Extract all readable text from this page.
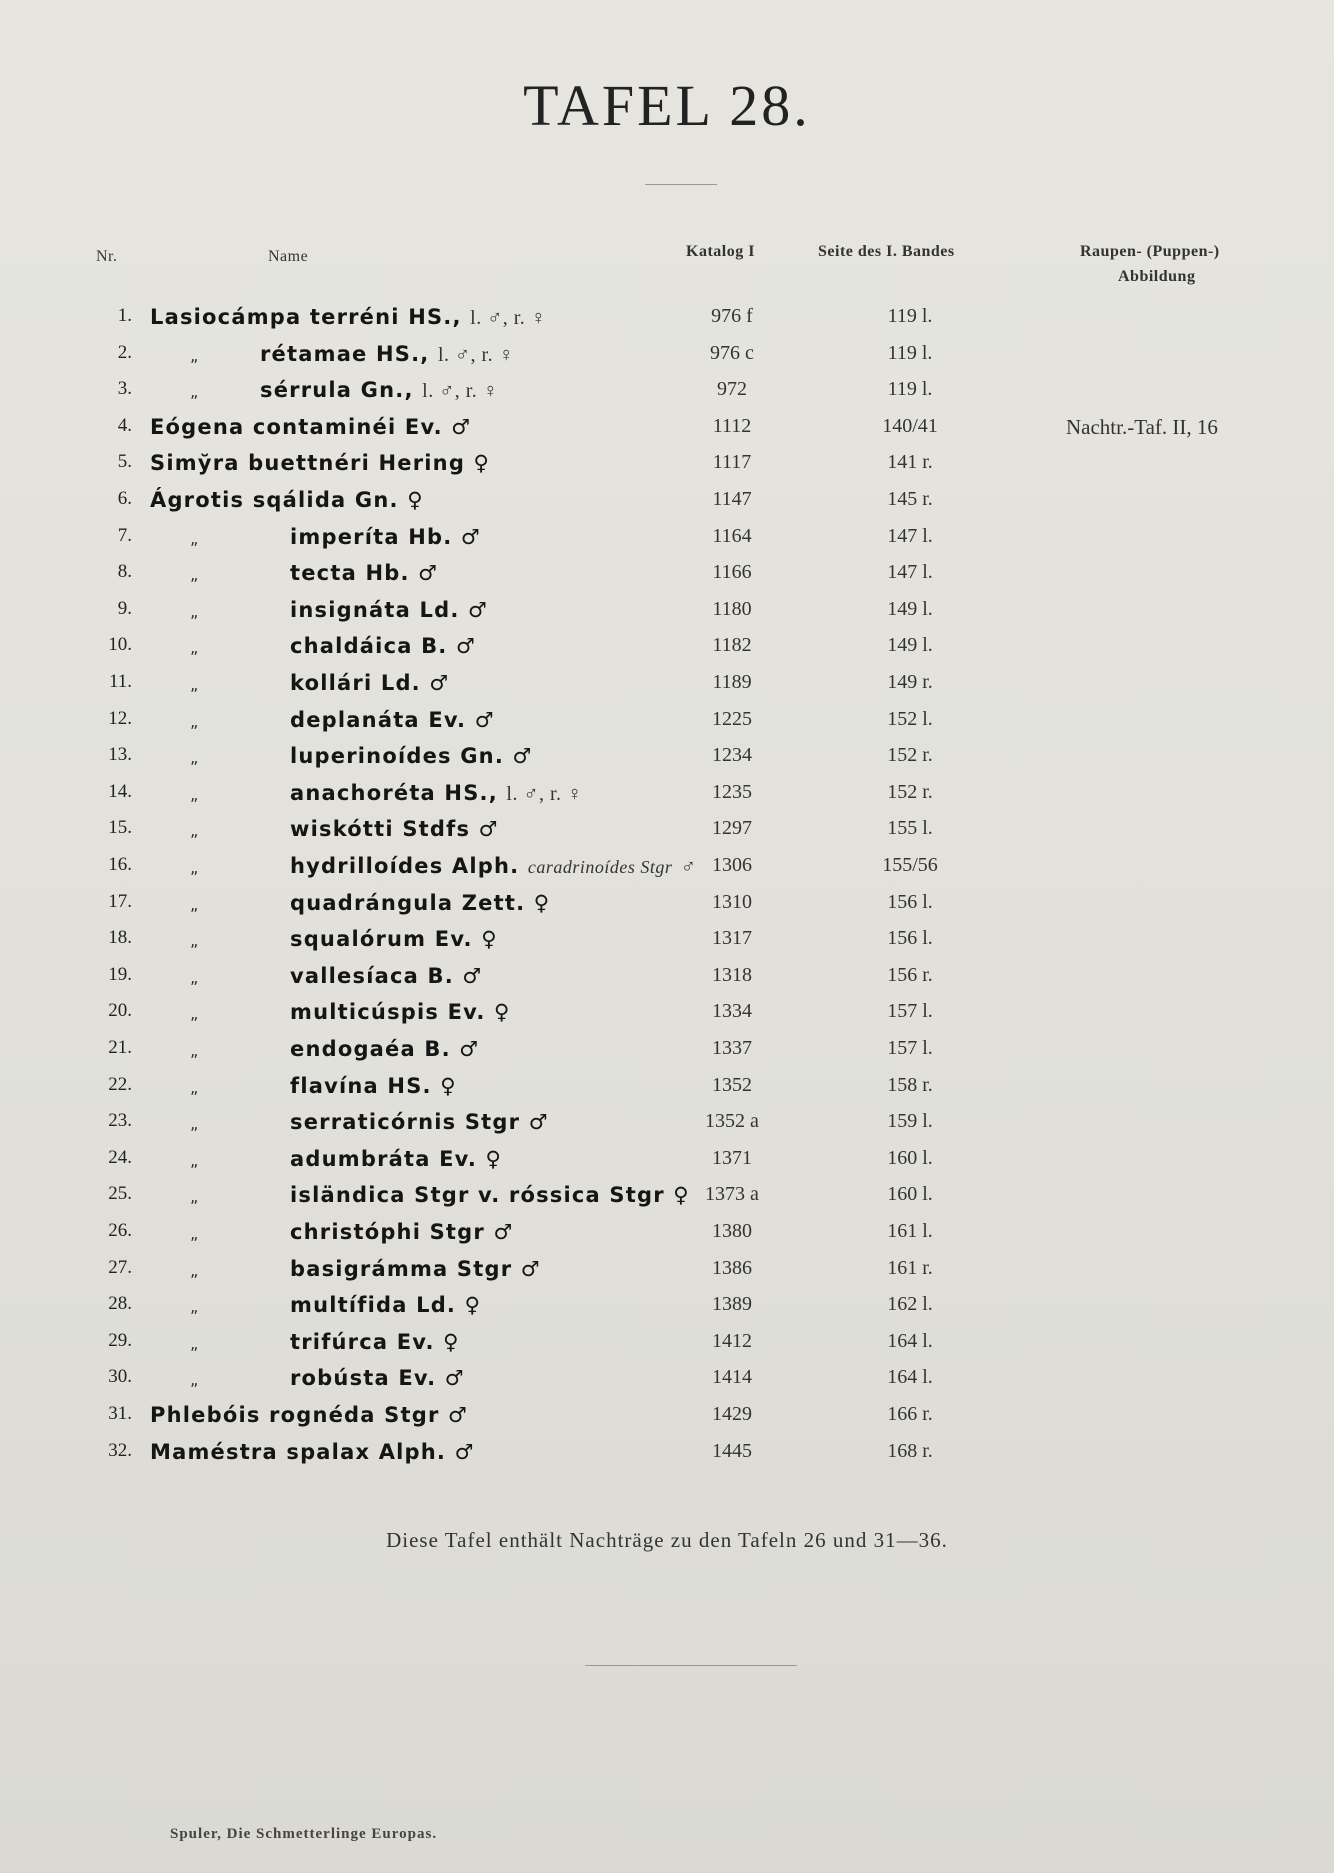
TAFEL 28.
Nr.	Name	Katalog I	Seite des I. Bandes	Raupen- (Puppen-)
Abbildung
1. Lasiocámpa terréni HS., l. ♂, r. ♀	976 f	119 l.
2.	„	rétamae HS., l. ♂, r. ♀	976 c	119 l.
3.	„	sérrula Gn., l. ♂, r. ♀	972	119 l.
4. Eógena contaminéi Ev. ♂	1112	140/41	Nachtr.-Taf. II, 16
5. Simy̆ra buettnéri Hering ♀	1117	141 r.
6. Ágrotis sqálida Gn. ♀	1147	145 r.
7.	„	imperíta Hb. ♂	1164	147 l.
8.	„	tecta Hb. ♂	1166	147 l.
9.	„	insignáta Ld. ♂	1180	149 l.
10.	„	chaldáica B. ♂	1182	149 l.
11.	„	kollári Ld. ♂	1189	149 r.
12.	„	deplanáta Ev. ♂	1225	152 l.
13.	„	luperinoídes Gn. ♂	1234	152 r.
14.	„	anachoréta HS., l. ♂, r. ♀	1235	152 r.
15.	„	wiskótti Stdfs ♂	1297	155 l.
16.	„	hydrilloídes Alph. caradrinoídes Stgr ♂ 1306	155/56
17.	„	quadrángula Zett. ♀	1310	156 l.
18.	„	squalórum Ev. ♀	1317	156 l.
19.	„	vallesíaca B. ♂	1318	156 r.
20.	„	multicúspis Ev. ♀	1334	157 l.
21.	„	endogaéa B. ♂	1337	157 l.
22.	„	flavína HS. ♀	1352	158 r.
23.	„	serraticórnis Stgr ♂	1352 a	159 l.
24.	„	adumbráta Ev. ♀	1371	160 l.
25.	„	isländica Stgr v. róssica Stgr ♀ 1373 a	160 l.
26.	„	christóphi Stgr ♂	1380	161 l.
27.	„	basigrámma Stgr ♂	1386	161 r.
28.	„	multífida Ld. ♀	1389	162 l.
29.	„	trifúrca Ev. ♀	1412	164 l.
30.	„	robústa Ev. ♂	1414	164 l.
31. Phlebóis rognéda Stgr ♂	1429	166 r.
32. Maméstra spalax Alph. ♂	1445	168 r.
Diese Tafel enthält Nachträge zu den Tafeln 26 und 31—36.
Spuler, Die Schmetterlinge Europas.
